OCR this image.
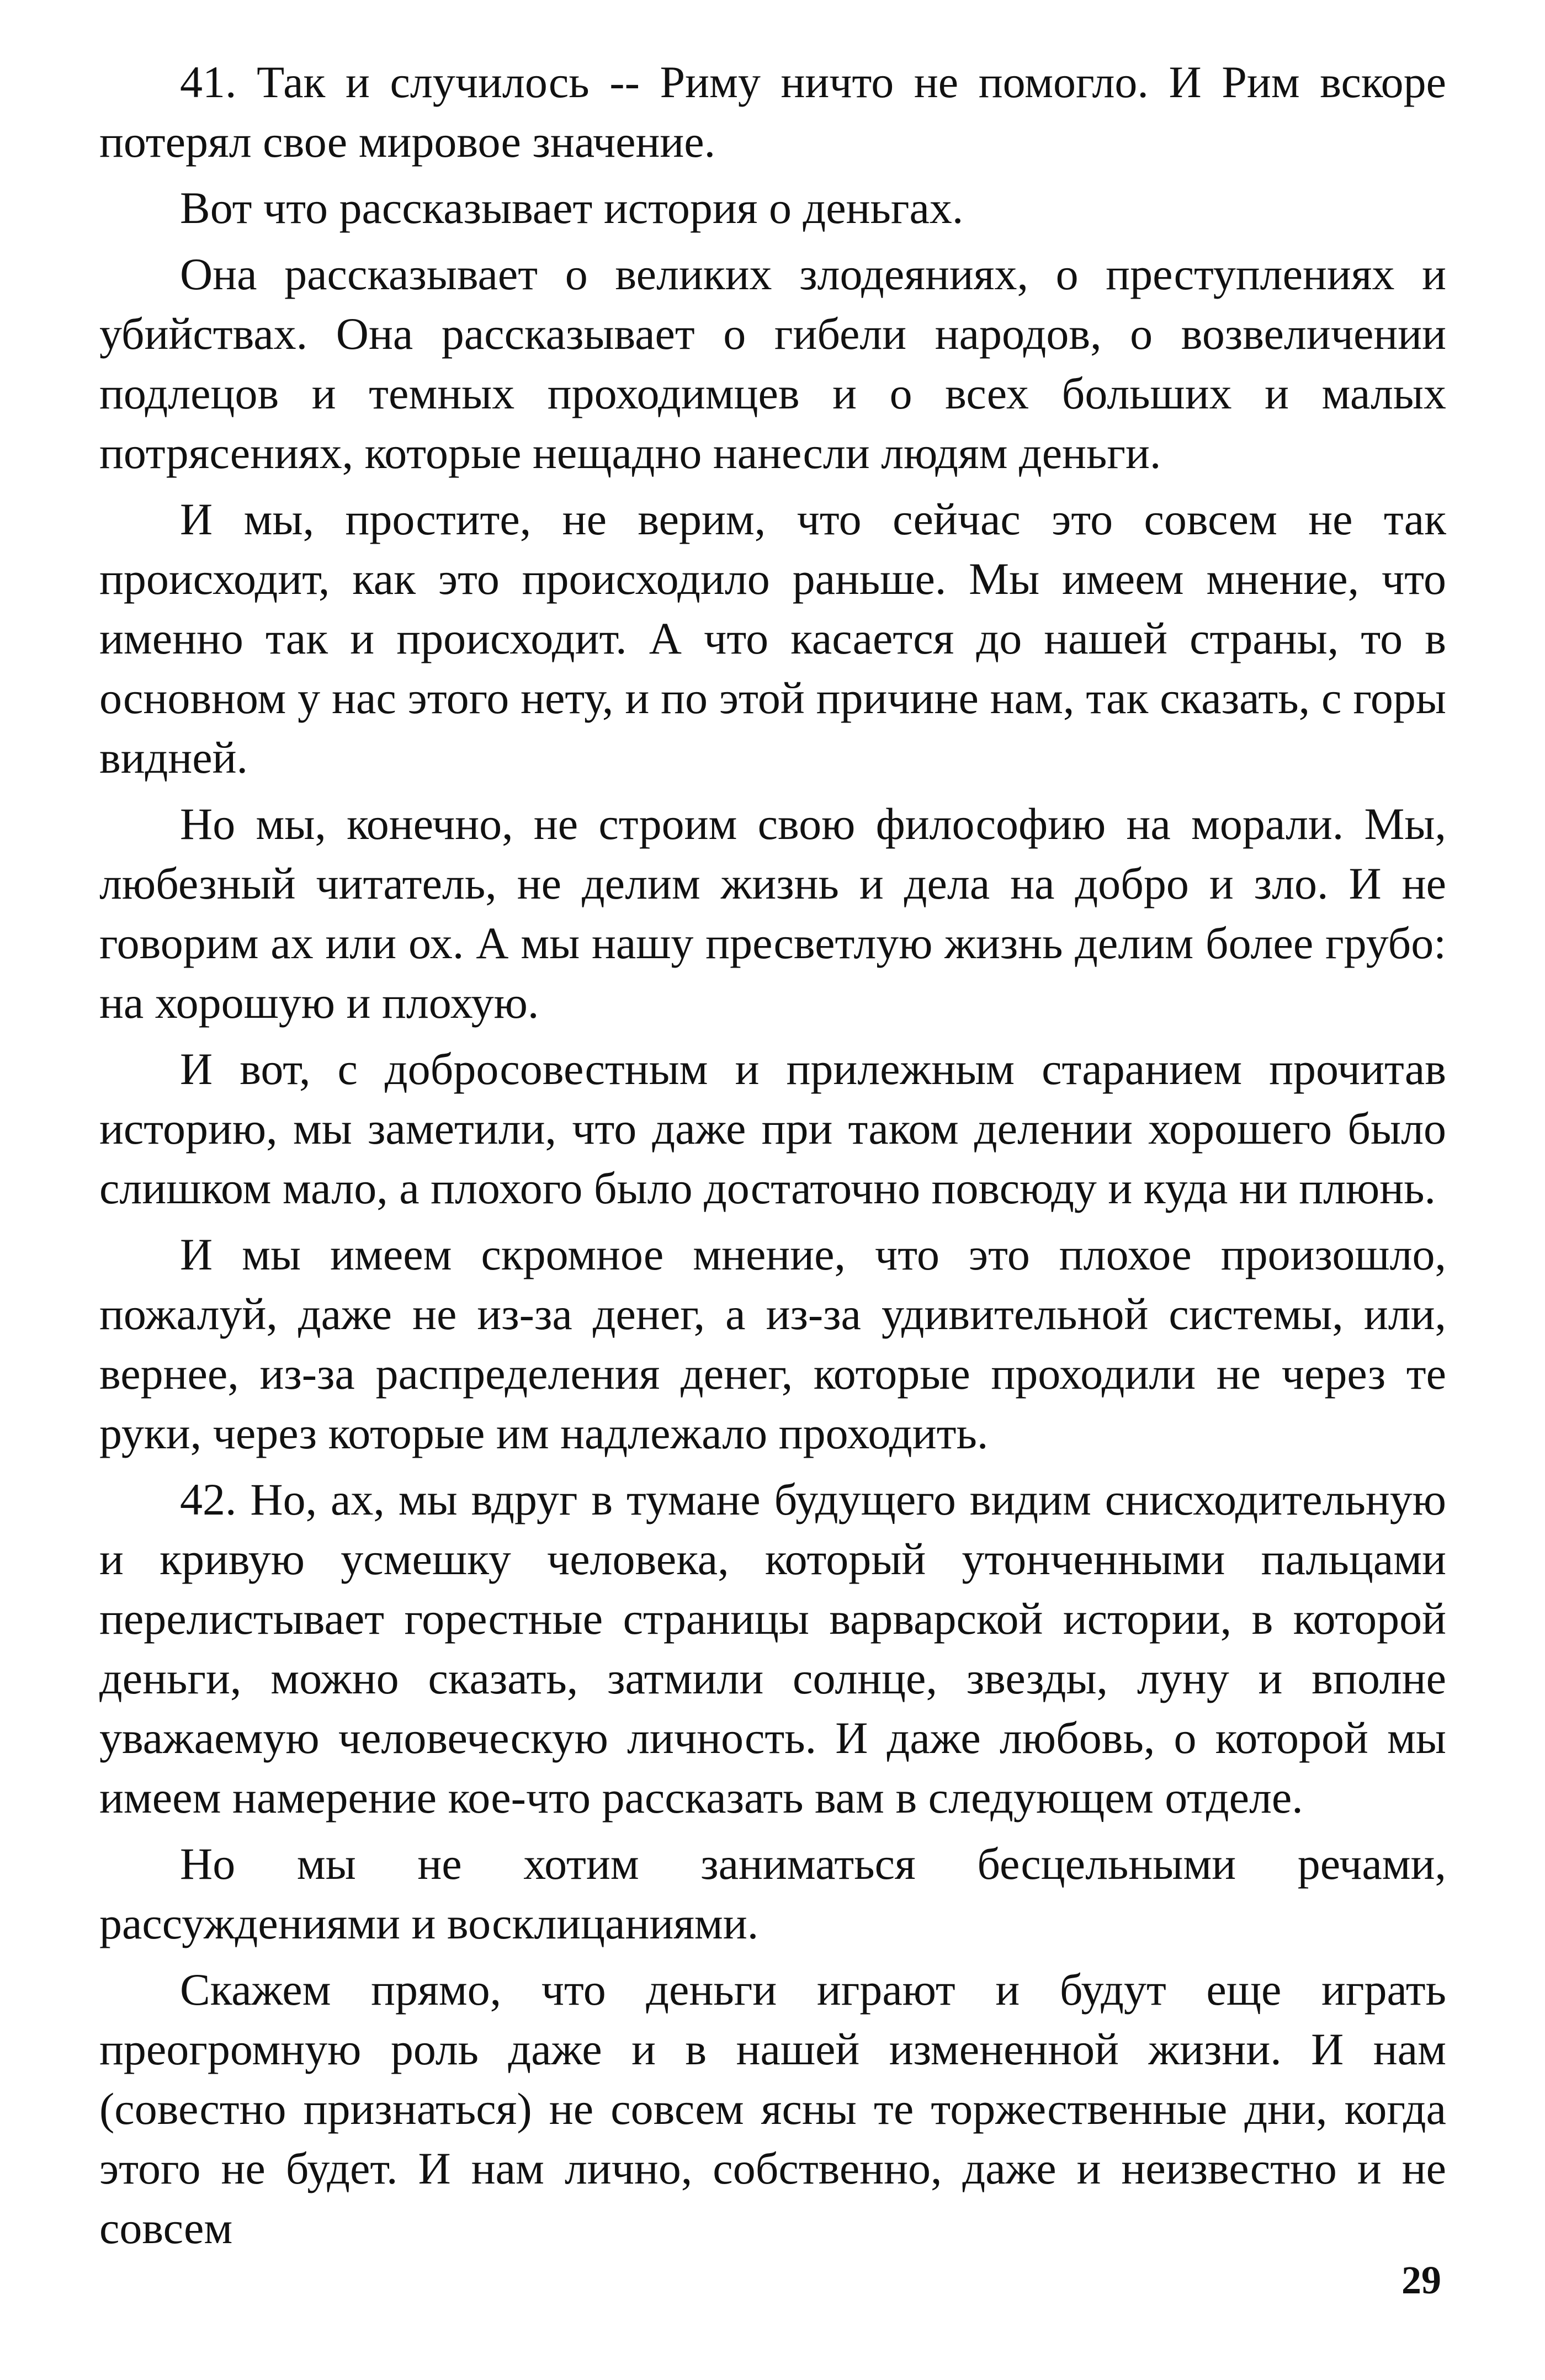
41. Так и случилось -- Риму ничто не помогло. И Рим вскоре потерял свое мировое значение.

Вот что рассказывает история о деньгах.

Она рассказывает о великих злодеяниях, о преступлениях и убийствах. Она рассказывает о гибели народов, о возвеличении подлецов и темных проходимцев и о всех больших и малых потрясениях, которые нещадно нанесли людям деньги.

И мы, простите, не верим, что сейчас это совсем не так происходит, как это происходило раньше. Мы имеем мнение, что именно так и происходит. А что касается до нашей страны, то в основном у нас этого нету, и по этой причине нам, так сказать, с горы видней.

Но мы, конечно, не строим свою философию на морали. Мы, любезный читатель, не делим жизнь и дела на добро и зло. И не говорим ах или ох. А мы нашу пресветлую жизнь делим более грубо: на хорошую и плохую.

И вот, с добросовестным и прилежным старанием прочитав историю, мы заметили, что даже при таком делении хорошего было слишком мало, а плохого было достаточно повсюду и куда ни плюнь.

И мы имеем скромное мнение, что это плохое произошло, пожалуй, даже не из-за денег, а из-за удивительной системы, или, вернее, из-за распределения денег, которые проходили не через те руки, через которые им надлежало проходить.

42. Но, ах, мы вдруг в тумане будущего видим снисходительную и кривую усмешку человека, который утонченными пальцами перелистывает горестные страницы варварской истории, в которой деньги, можно сказать, затмили солнце, звезды, луну и вполне уважаемую человеческую личность. И даже любовь, о которой мы имеем намерение кое-что рассказать вам в следующем отделе.

Но мы не хотим заниматься бесцельными речами, рассуждениями и восклицаниями.

Скажем прямо, что деньги играют и будут еще играть преогромную роль даже и в нашей измененной жизни. И нам (совестно признаться) не совсем ясны те торжественные дни, когда этого не будет. И нам лично, собственно, даже и неизвестно и не совсем

29
